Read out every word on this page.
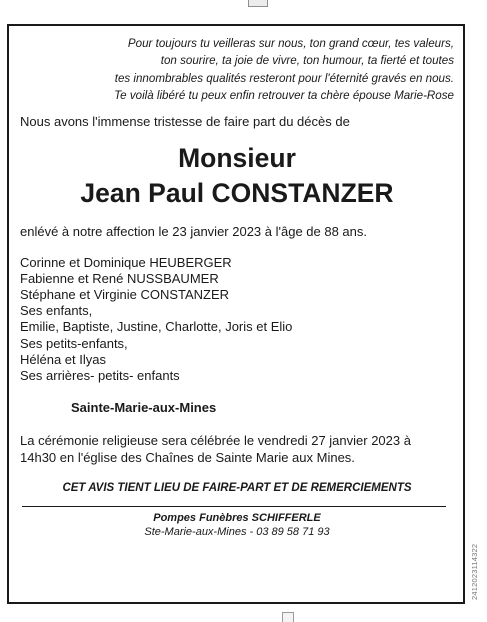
Pour toujours tu veilleras sur nous, ton grand cœur, tes valeurs,
ton sourire, ta joie de vivre, ton humour, ta fierté et toutes
tes innombrables qualités resteront pour l'éternité gravés en nous.
Te voilà libéré tu peux enfin retrouver ta chère épouse Marie-Rose
Nous avons l'immense tristesse de faire part du décès de
Monsieur
Jean Paul CONSTANZER
enlévé à notre affection le 23 janvier 2023 à l'âge de 88 ans.
Corinne et Dominique HEUBERGER
Fabienne et René NUSSBAUMER
Stéphane et Virginie CONSTANZER
Ses enfants,
Emilie, Baptiste, Justine, Charlotte, Joris et Elio
Ses petits-enfants,
Héléna et Ilyas
Ses arrières- petits- enfants
Sainte-Marie-aux-Mines
La cérémonie religieuse sera célébrée le vendredi 27 janvier 2023 à
14h30 en l'église des Chaînes de Sainte Marie aux Mines.
CET AVIS TIENT LIEU DE FAIRE-PART ET DE REMERCIEMENTS
Pompes Funèbres SCHIFFERLE
Ste-Marie-aux-Mines - 03 89 58 71 93
2412023114322
